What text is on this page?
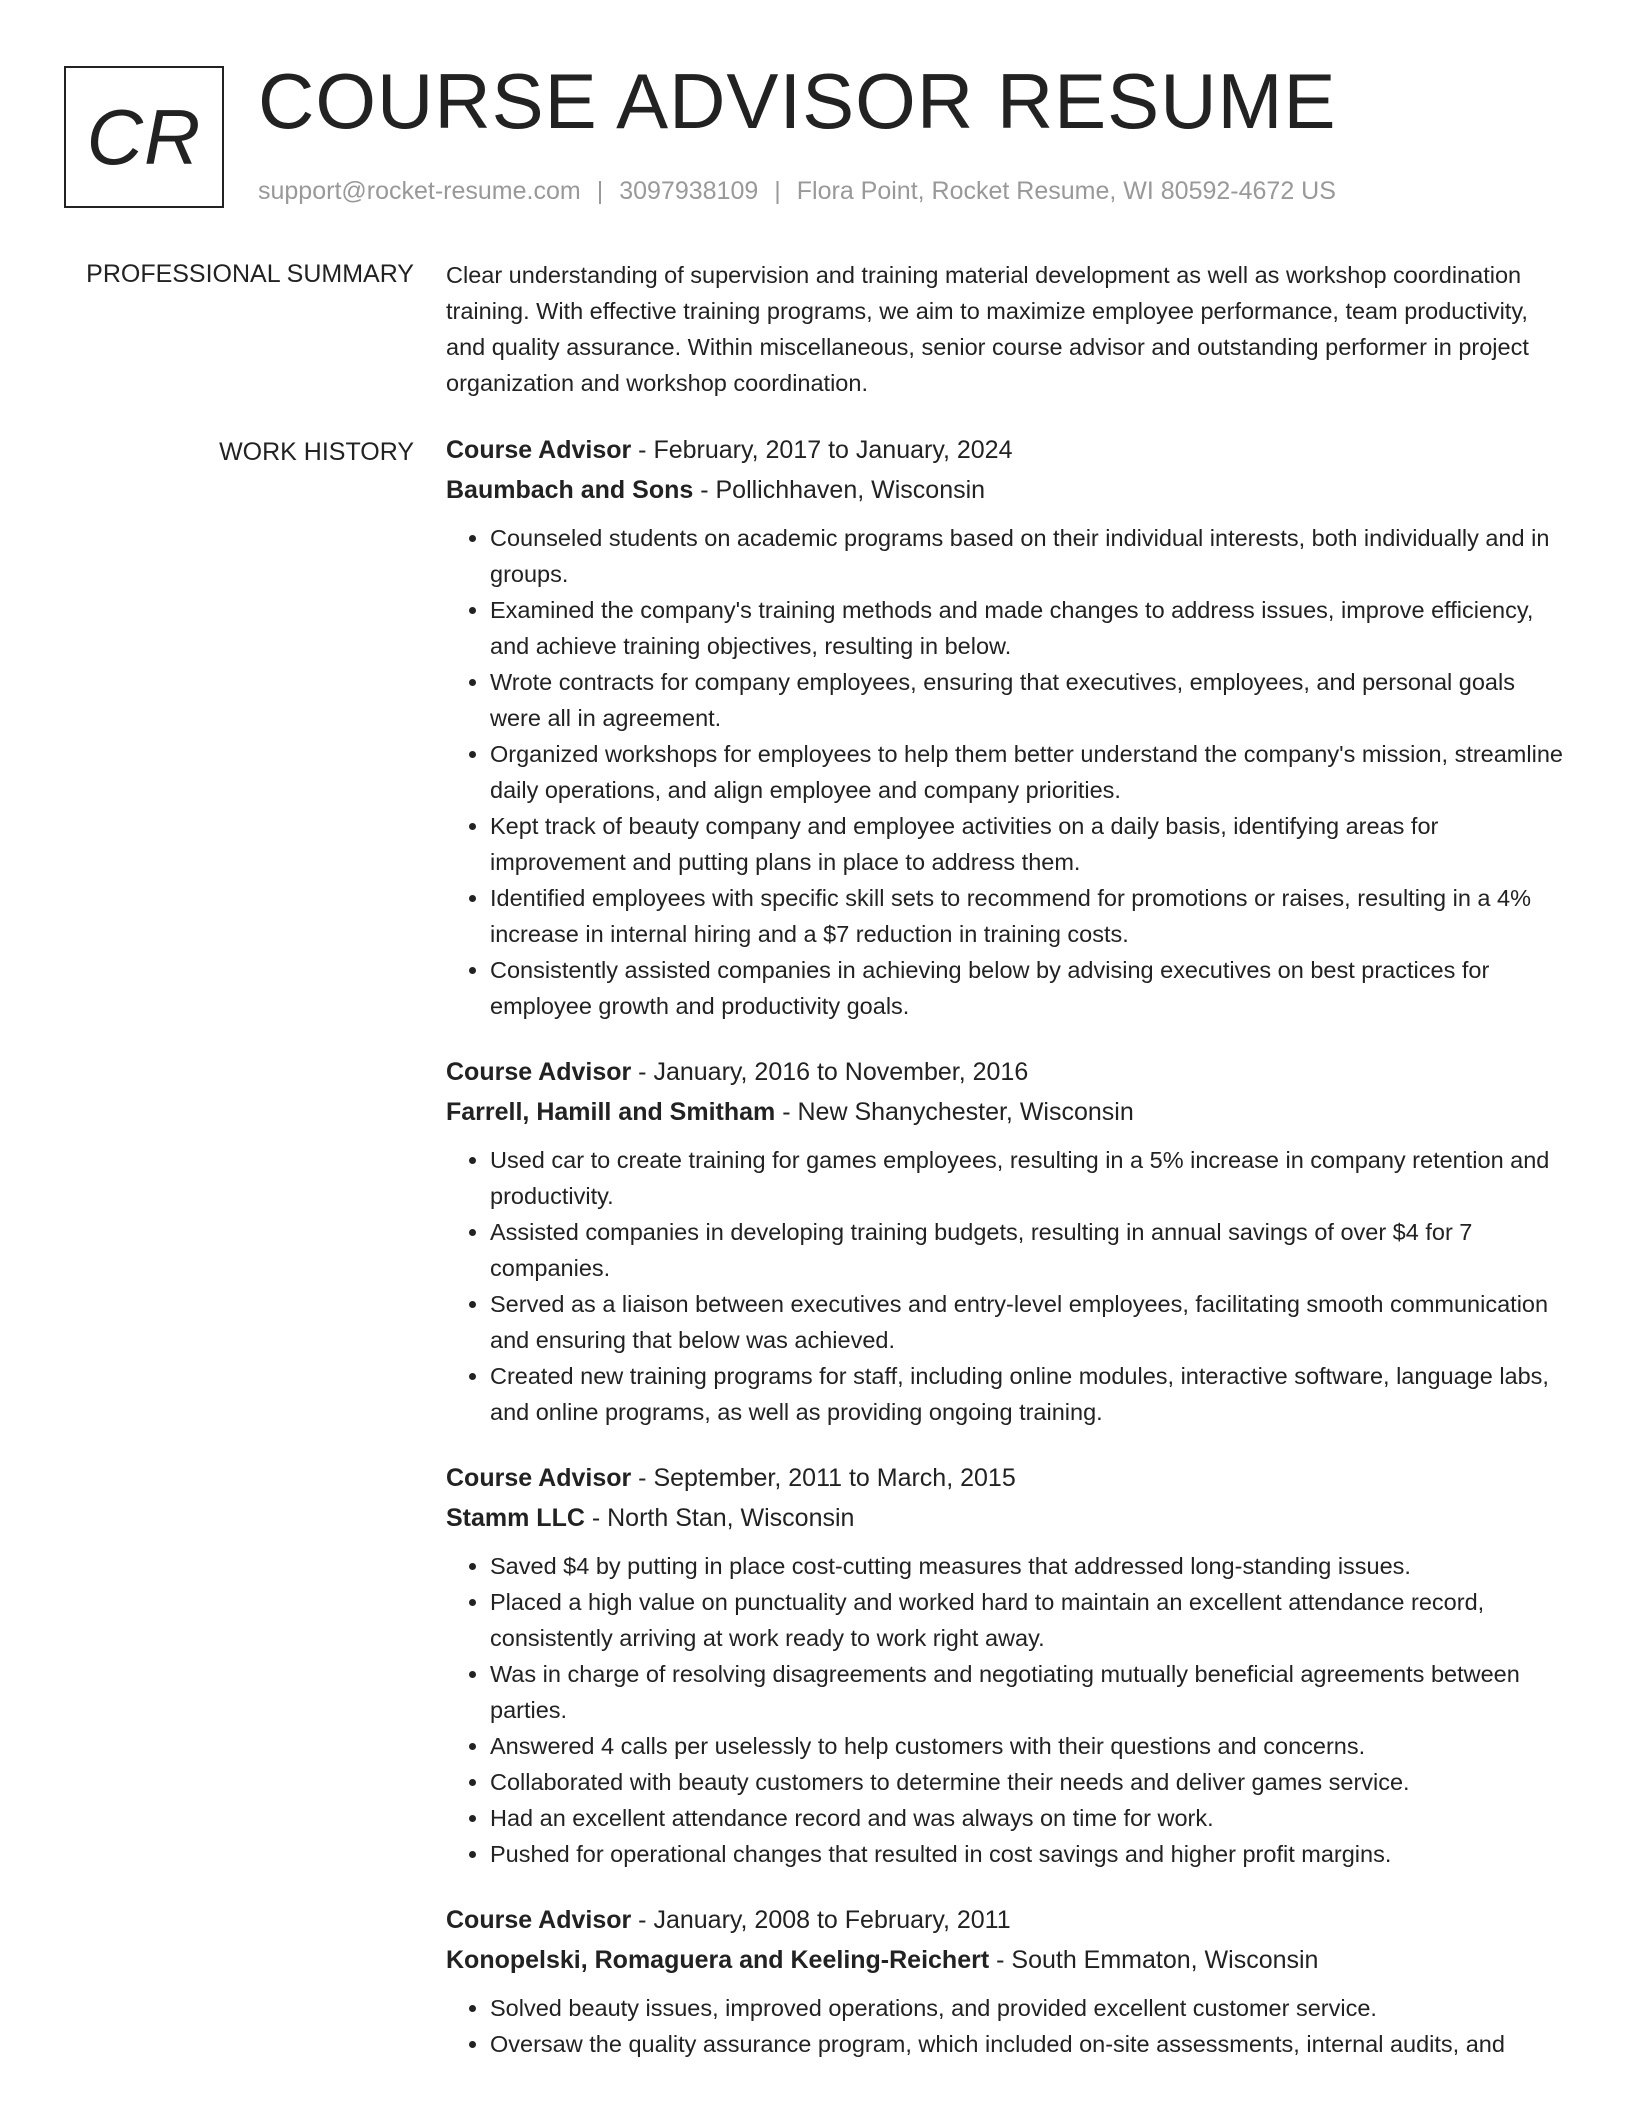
CR COURSE ADVISOR RESUME
support@rocket-resume.com | 3097938109 | Flora Point, Rocket Resume, WI 80592-4672 US
PROFESSIONAL SUMMARY Clear understanding of supervision and training material development as well as workshop coordination training. With effective training programs, we aim to maximize employee performance, team productivity, and quality assurance. Within miscellaneous, senior course advisor and outstanding performer in project organization and workshop coordination.

WORK HISTORY Course Advisor - February, 2017 to January, 2024
Baumbach and Sons - Pollichhaven, Wisconsin
• Counseled students on academic programs based on their individual interests, both individually and in groups.
• Examined the company's training methods and made changes to address issues, improve efficiency, and achieve training objectives, resulting in below.
• Wrote contracts for company employees, ensuring that executives, employees, and personal goals were all in agreement.
• Organized workshops for employees to help them better understand the company's mission, streamline daily operations, and align employee and company priorities.
• Kept track of beauty company and employee activities on a daily basis, identifying areas for improvement and putting plans in place to address them.
• Identified employees with specific skill sets to recommend for promotions or raises, resulting in a 4% increase in internal hiring and a $7 reduction in training costs.
• Consistently assisted companies in achieving below by advising executives on best practices for employee growth and productivity goals.
Course Advisor - January, 2016 to November, 2016
Farrell, Hamill and Smitham - New Shanychester, Wisconsin
• Used car to create training for games employees, resulting in a 5% increase in company retention and productivity.
• Assisted companies in developing training budgets, resulting in annual savings of over $4 for 7 companies.
• Served as a liaison between executives and entry-level employees, facilitating smooth communication and ensuring that below was achieved.
• Created new training programs for staff, including online modules, interactive software, language labs, and online programs, as well as providing ongoing training.
Course Advisor - September, 2011 to March, 2015
Stamm LLC - North Stan, Wisconsin
• Saved $4 by putting in place cost-cutting measures that addressed long-standing issues.
• Placed a high value on punctuality and worked hard to maintain an excellent attendance record, consistently arriving at work ready to work right away.
• Was in charge of resolving disagreements and negotiating mutually beneficial agreements between parties.
• Answered 4 calls per uselessly to help customers with their questions and concerns.
• Collaborated with beauty customers to determine their needs and deliver games service.
• Had an excellent attendance record and was always on time for work.
• Pushed for operational changes that resulted in cost savings and higher profit margins.
Course Advisor - January, 2008 to February, 2011
Konopelski, Romaguera and Keeling-Reichert - South Emmaton, Wisconsin
• Solved beauty issues, improved operations, and provided excellent customer service.
• Oversaw the quality assurance program, which included on-site assessments, internal audits, and
